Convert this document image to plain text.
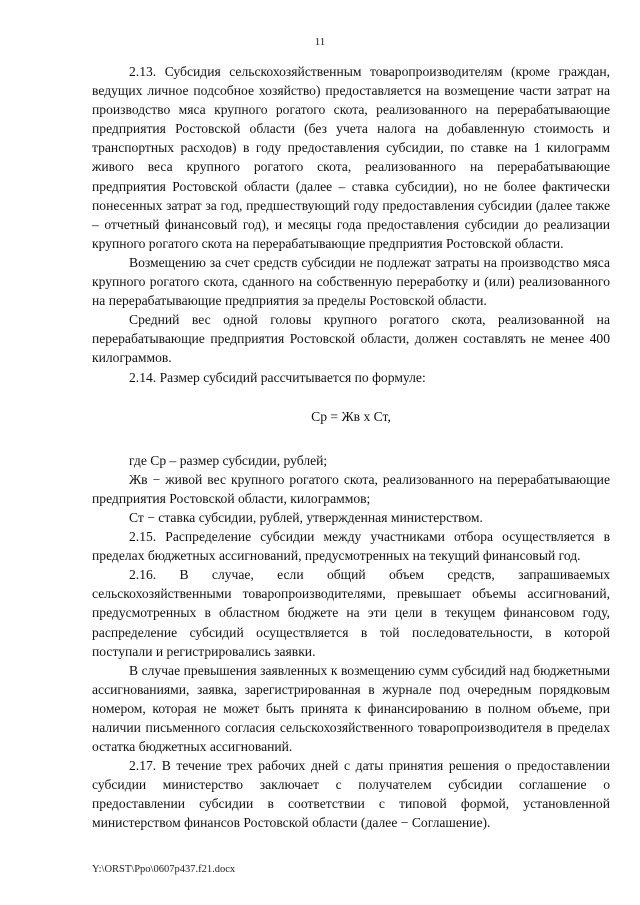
11

2.13. Субсидия сельскохозяйственным товаропроизводителям (кроме граждан, ведущих личное подсобное хозяйство) предоставляется на возмещение части затрат на производство мяса крупного рогатого скота, реализованного на перерабатывающие предприятия Ростовской области (без учета налога на добавленную стоимость и транспортных расходов) в году предоставления субсидии, по ставке на 1 килограмм живого веса крупного рогатого скота, реализованного на перерабатывающие предприятия Ростовской области (далее – ставка субсидии), но не более фактически понесенных затрат за год, предшествующий году предоставления субсидии (далее также – отчетный финансовый год), и месяцы года предоставления субсидии до реализации крупного рогатого скота на перерабатывающие предприятия Ростовской области.

Возмещению за счет средств субсидии не подлежат затраты на производство мяса крупного рогатого скота, сданного на собственную переработку и (или) реализованного на перерабатывающие предприятия за пределы Ростовской области.

Средний вес одной головы крупного рогатого скота, реализованной на перерабатывающие предприятия Ростовской области, должен составлять не менее 400 килограммов.

2.14. Размер субсидий рассчитывается по формуле:

Ср = Жв х Ст,

где Ср – размер субсидии, рублей;

Жв − живой вес крупного рогатого скота, реализованного на перерабатывающие предприятия Ростовской области, килограммов;

Ст − ставка субсидии, рублей, утвержденная министерством.

2.15. Распределение субсидии между участниками отбора осуществляется в пределах бюджетных ассигнований, предусмотренных на текущий финансовый год.

2.16. В случае, если общий объем средств, запрашиваемых сельскохозяйственными товаропроизводителями, превышает объемы ассигнований, предусмотренных в областном бюджете на эти цели в текущем финансовом году, распределение субсидий осуществляется в той последовательности, в которой поступали и регистрировались заявки.

В случае превышения заявленных к возмещению сумм субсидий над бюджетными ассигнованиями, заявка, зарегистрированная в журнале под очередным порядковым номером, которая не может быть принята к финансированию в полном объеме, при наличии письменного согласия сельскохозяйственного товаропроизводителя в пределах остатка бюджетных ассигнований.

2.17. В течение трех рабочих дней с даты принятия решения о предоставлении субсидии министерство заключает с получателем субсидии соглашение о предоставлении субсидии в соответствии с типовой формой, установленной министерством финансов Ростовской области (далее − Соглашение).

Y:\ORST\Ppo\0607p437.f21.docx
